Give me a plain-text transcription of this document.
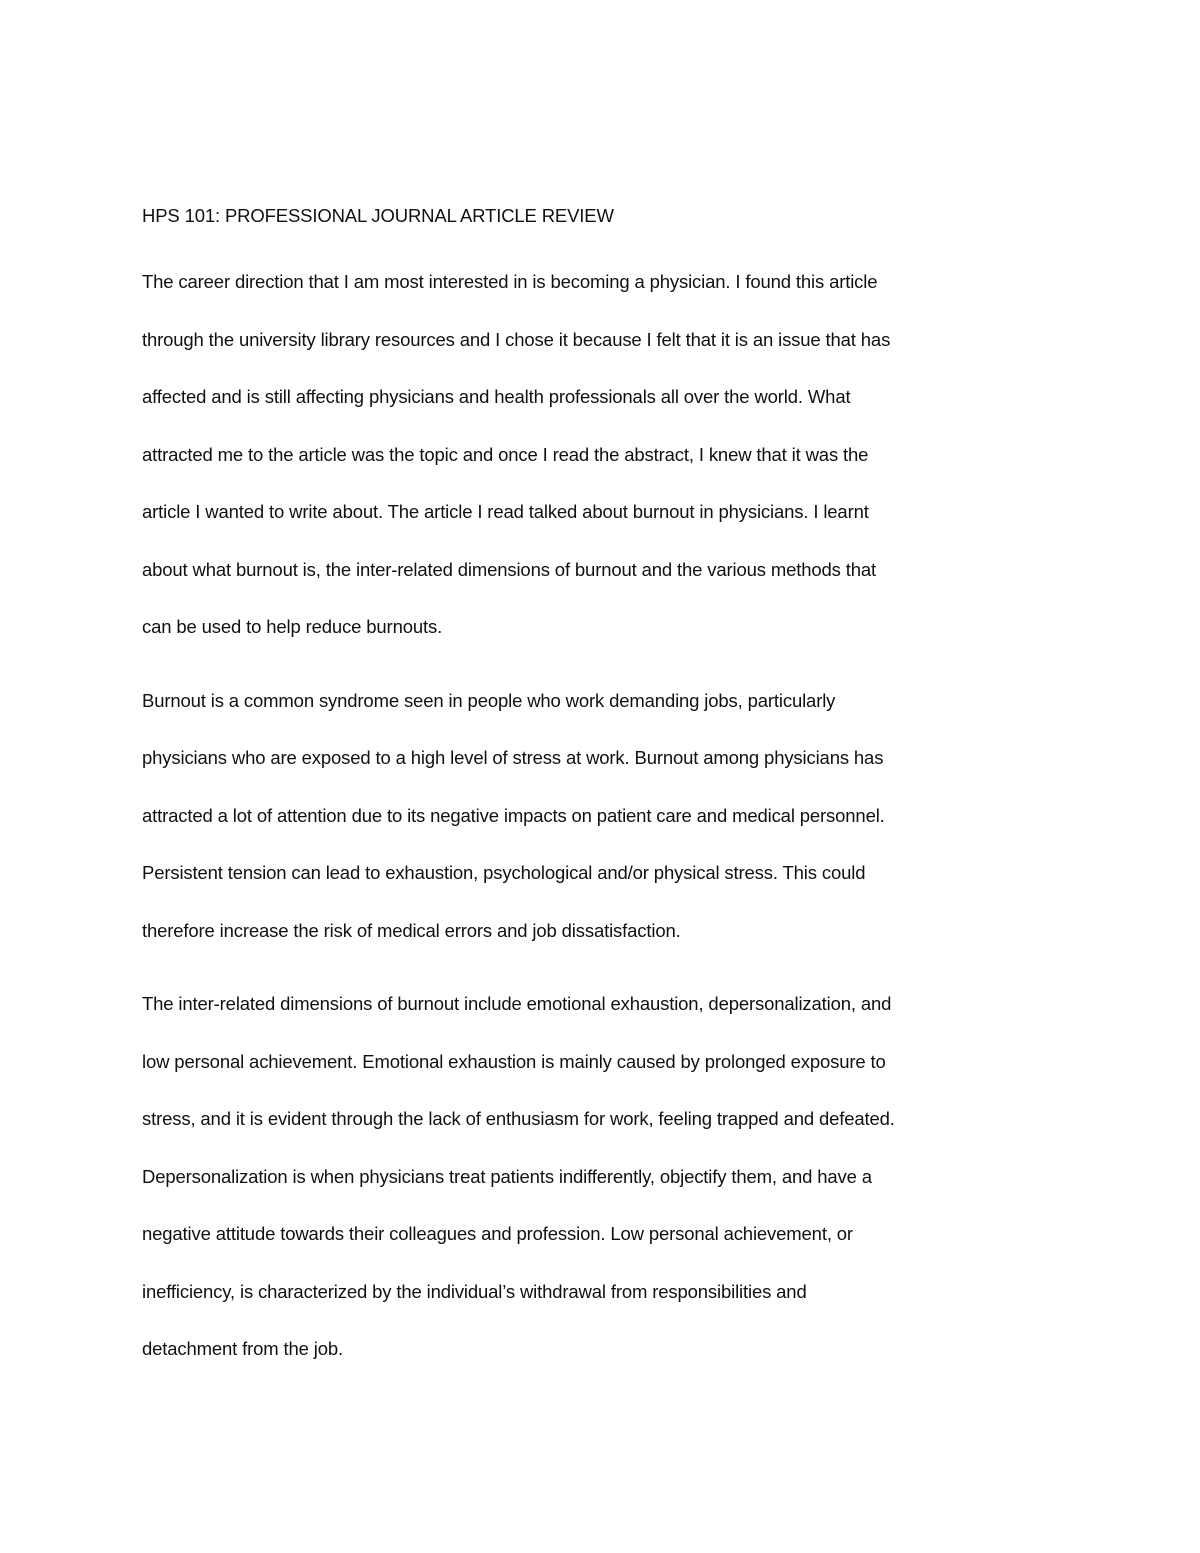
HPS 101: PROFESSIONAL JOURNAL ARTICLE REVIEW

The career direction that I am most interested in is becoming a physician. I found this article
through the university library resources and I chose it because I felt that it is an issue that has
affected and is still affecting physicians and health professionals all over the world. What
attracted me to the article was the topic and once I read the abstract, I knew that it was the
article I wanted to write about. The article I read talked about burnout in physicians. I learnt
about what burnout is, the inter-related dimensions of burnout and the various methods that
can be used to help reduce burnouts.

Burnout is a common syndrome seen in people who work demanding jobs, particularly
physicians who are exposed to a high level of stress at work. Burnout among physicians has
attracted a lot of attention due to its negative impacts on patient care and medical personnel.
Persistent tension can lead to exhaustion, psychological and/or physical stress. This could
therefore increase the risk of medical errors and job dissatisfaction.

The inter-related dimensions of burnout include emotional exhaustion, depersonalization, and
low personal achievement. Emotional exhaustion is mainly caused by prolonged exposure to
stress, and it is evident through the lack of enthusiasm for work, feeling trapped and defeated.
Depersonalization is when physicians treat patients indifferently, objectify them, and have a
negative attitude towards their colleagues and profession. Low personal achievement, or
inefficiency, is characterized by the individual’s withdrawal from responsibilities and
detachment from the job.
